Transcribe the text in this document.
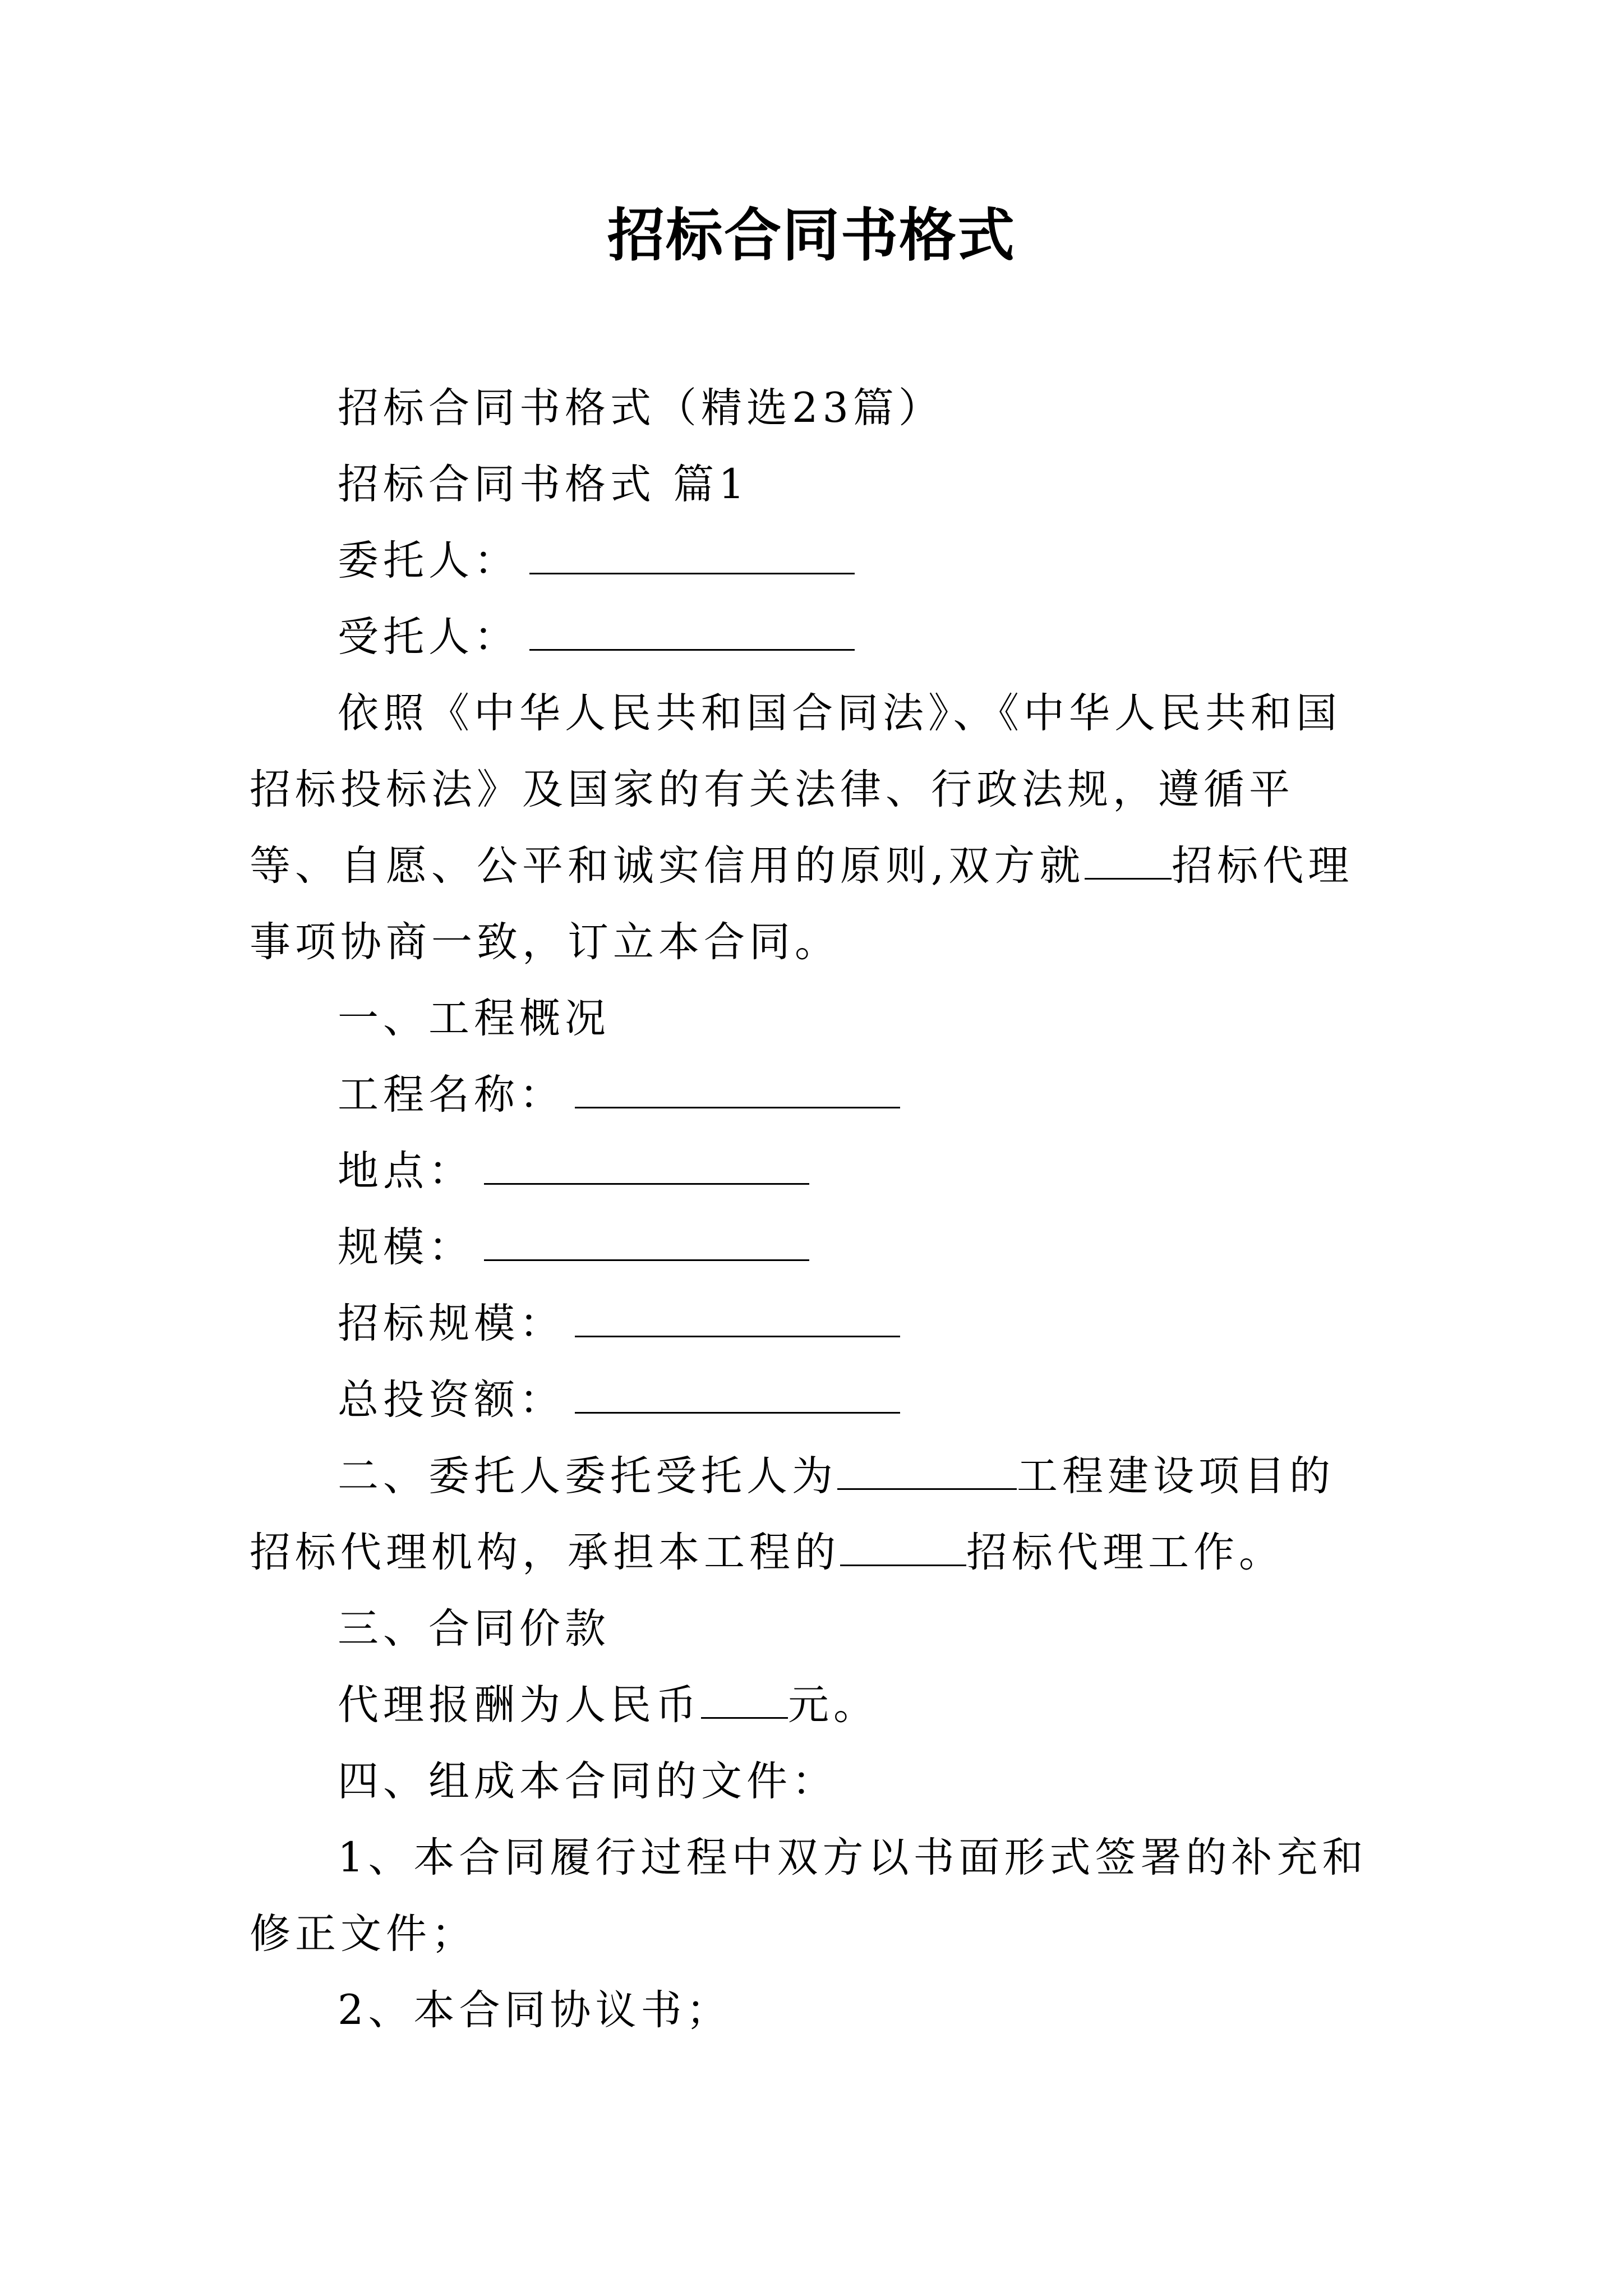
招标合同书格式

招标合同书格式（精选23篇）

招标合同书格式 篇1

委托人：

受托人：

依照《中华人民共和国合同法》、《中华人民共和国招标投标法》及国家的有关法律、行政法规，遵循平等、自愿、公平和诚实信用的原则,双方就 招标代理事项协商一致，订立本合同。

一、工程概况

工程名称：

地点：

规模：

招标规模：

总投资额：

二、委托人委托受托人为	工程建设项目的招标代理机构，承担本工程的	招标代理工作。

三、合同价款

代理报酬为人民币 元。

四、组成本合同的文件：

1、本合同履行过程中双方以书面形式签署的补充和修正文件；

2、本合同协议书；
